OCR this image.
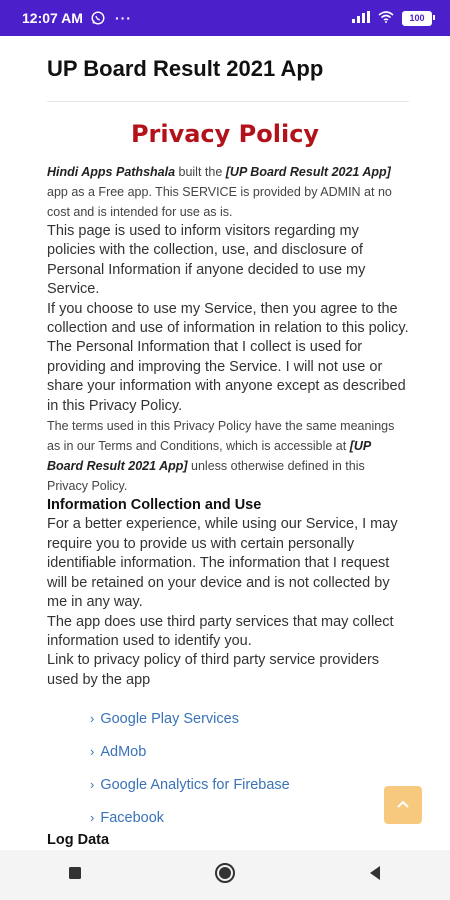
12:07 AM ···	100
UP Board Result 2021 App
Privacy Policy

Hindi Apps Pathshala built the [UP Board Result 2021 App] app as a Free app. This SERVICE is provided by ADMIN at no cost and is intended for use as is.

This page is used to inform visitors regarding my policies with the collection, use, and disclosure of Personal Information if anyone decided to use my Service.

If you choose to use my Service, then you agree to the collection and use of information in relation to this policy. The Personal Information that I collect is used for providing and improving the Service. I will not use or share your information with anyone except as described in this Privacy Policy.

The terms used in this Privacy Policy have the same meanings as in our Terms and Conditions, which is accessible at [UP Board Result 2021 App] unless otherwise defined in this Privacy Policy.

Information Collection and Use

For a better experience, while using our Service, I may require you to provide us with certain personally identifiable information. The information that I request will be retained on your device and is not collected by me in any way.

The app does use third party services that may collect information used to identify you.

Link to privacy policy of third party service providers used by the app

› Google Play Services
› AdMob
› Google Analytics for Firebase
› Facebook

Log Data
